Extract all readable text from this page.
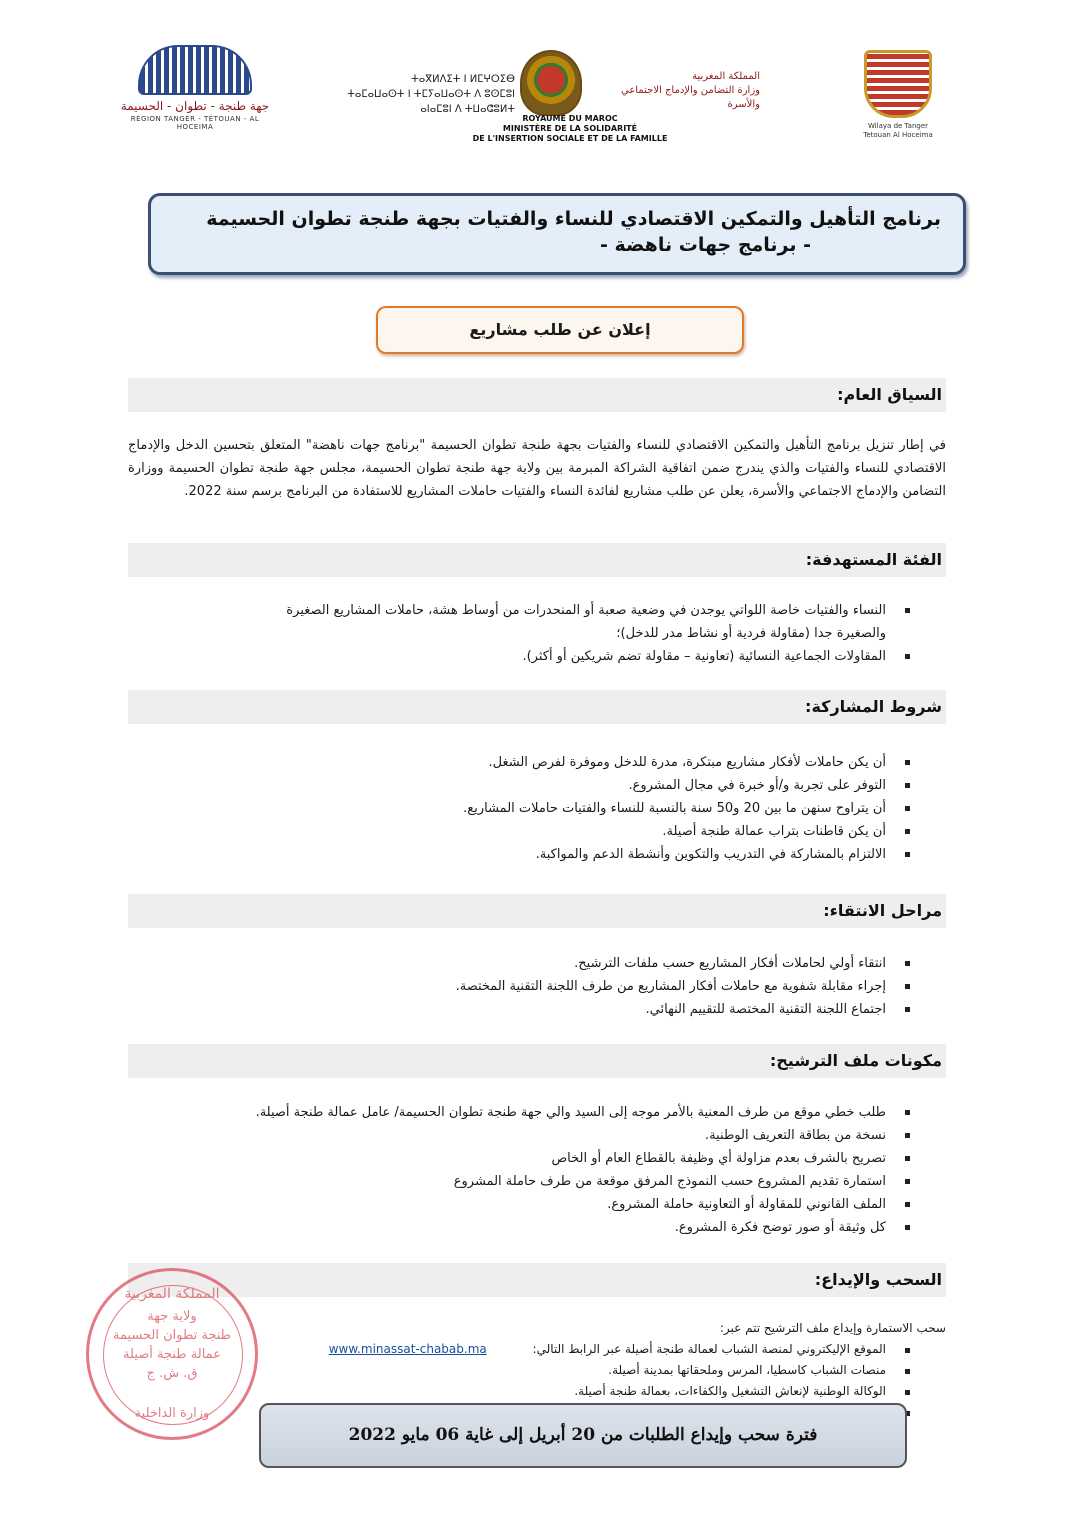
جهة طنجة - تطوان - الحسيمة
RÉGION TANGER - TÉTOUAN - AL HOCEIMA
ⵜⴰⴳⵍⴷⵉⵜ ⵏ ⵍⵎⵖⵔⵉⴱ
ⵜⴰⵎⴰⵡⴰⵙⵜ ⵏ ⵜⵎⵢⴰⵡⴰⵙⵜ ⴷ ⵓⵙⵎⵓⵏ
ⴰⵏⴰⵎⵓⵏ ⴷ ⵜⵡⴰⵛⵓⵍⵜ
ROYAUME DU MAROC
MINISTÈRE DE LA SOLIDARITÉ
DE L'INSERTION SOCIALE ET DE LA FAMILLE
المملكة المغربية
وزارة التضامن والإدماج الاجتماعي
والأسرة
Wilaya de Tanger
Tetouan Al Hoceima
برنامج التأهيل والتمكين الاقتصادي للنساء والفتيات بجهة طنجة تطوان الحسيمة
- برنامج جهات ناهضة -
إعلان عن طلب مشاريع
السياق العام:
في إطار تنزيل برنامج التأهيل والتمكين الاقتصادي للنساء والفتيات بجهة طنجة تطوان الحسيمة "برنامج جهات ناهضة" المتعلق بتحسين الدخل والإدماج الاقتصادي للنساء والفتيات والذي يندرج ضمن اتفاقية الشراكة المبرمة بين ولاية جهة طنجة تطوان الحسيمة، مجلس جهة طنجة تطوان الحسيمة ووزارة التضامن والإدماج الاجتماعي والأسرة، يعلن عن طلب مشاريع لفائدة النساء والفتيات حاملات المشاريع للاستفادة من البرنامج برسم سنة 2022.
الفئة المستهدفة:
النساء والفتيات خاصة اللواتي يوجدن في وضعية صعبة أو المنحدرات من أوساط هشة، حاملات المشاريع الصغيرة
والصغيرة جدا (مقاولة فردية أو نشاط مدر للدخل)؛
المقاولات الجماعية النسائية (تعاونية – مقاولة تضم شريكين أو أكثر).
شروط المشاركة:
أن يكن حاملات لأفكار مشاريع مبتكرة، مدرة للدخل وموفرة لفرص الشغل.
التوفر على تجربة و/أو خبرة في مجال المشروع.
أن يتراوح سنهن ما بين 20 و50 سنة بالنسبة للنساء والفتيات حاملات المشاريع.
أن يكن قاطنات بتراب عمالة طنجة أصيلة.
الالتزام بالمشاركة في التدريب والتكوين وأنشطة الدعم والمواكبة.
مراحل الانتقاء:
انتقاء أولي لحاملات أفكار المشاريع حسب ملفات الترشيح.
إجراء مقابلة شفوية مع حاملات أفكار المشاريع من طرف اللجنة التقنية المختصة.
اجتماع اللجنة التقنية المختصة للتقييم النهائي.
مكونات ملف الترشيح:
طلب خطي موقع من طرف المعنية بالأمر موجه إلى السيد والي جهة طنجة تطوان الحسيمة/ عامل عمالة طنجة أصيلة.
نسخة من بطاقة التعريف الوطنية.
تصريح بالشرف بعدم مزاولة أي وظيفة بالقطاع العام أو الخاص
استمارة تقديم المشروع حسب النموذج المرفق موقعة من طرف حاملة المشروع
الملف القانوني للمقاولة أو التعاونية حاملة المشروع.
كل وثيقة أو صور توضح فكرة المشروع.
السحب والإيداع:
سحب الاستمارة وإيداع ملف الترشيح تتم عبر:
الموقع الإليكتروني لمنصة الشباب لعمالة طنجة أصيلة عبر الرابط التالي:            www.minassat-chabab.ma
منصات الشباب كاسطيا، المرس وملحقاتها بمدينة أصيلة.
الوكالة الوطنية لإنعاش التشغيل والكفاءات، بعمالة طنجة أصيلة.
المملكة المغربية
ولاية جهة
طنجة تطوان الحسيمة
عمالة طنجة أصيلة
ق. ش. ج
وزارة الداخلية
فترة سحب وإيداع الطلبات من 20 أبريل إلى غاية 06 مايو 2022
